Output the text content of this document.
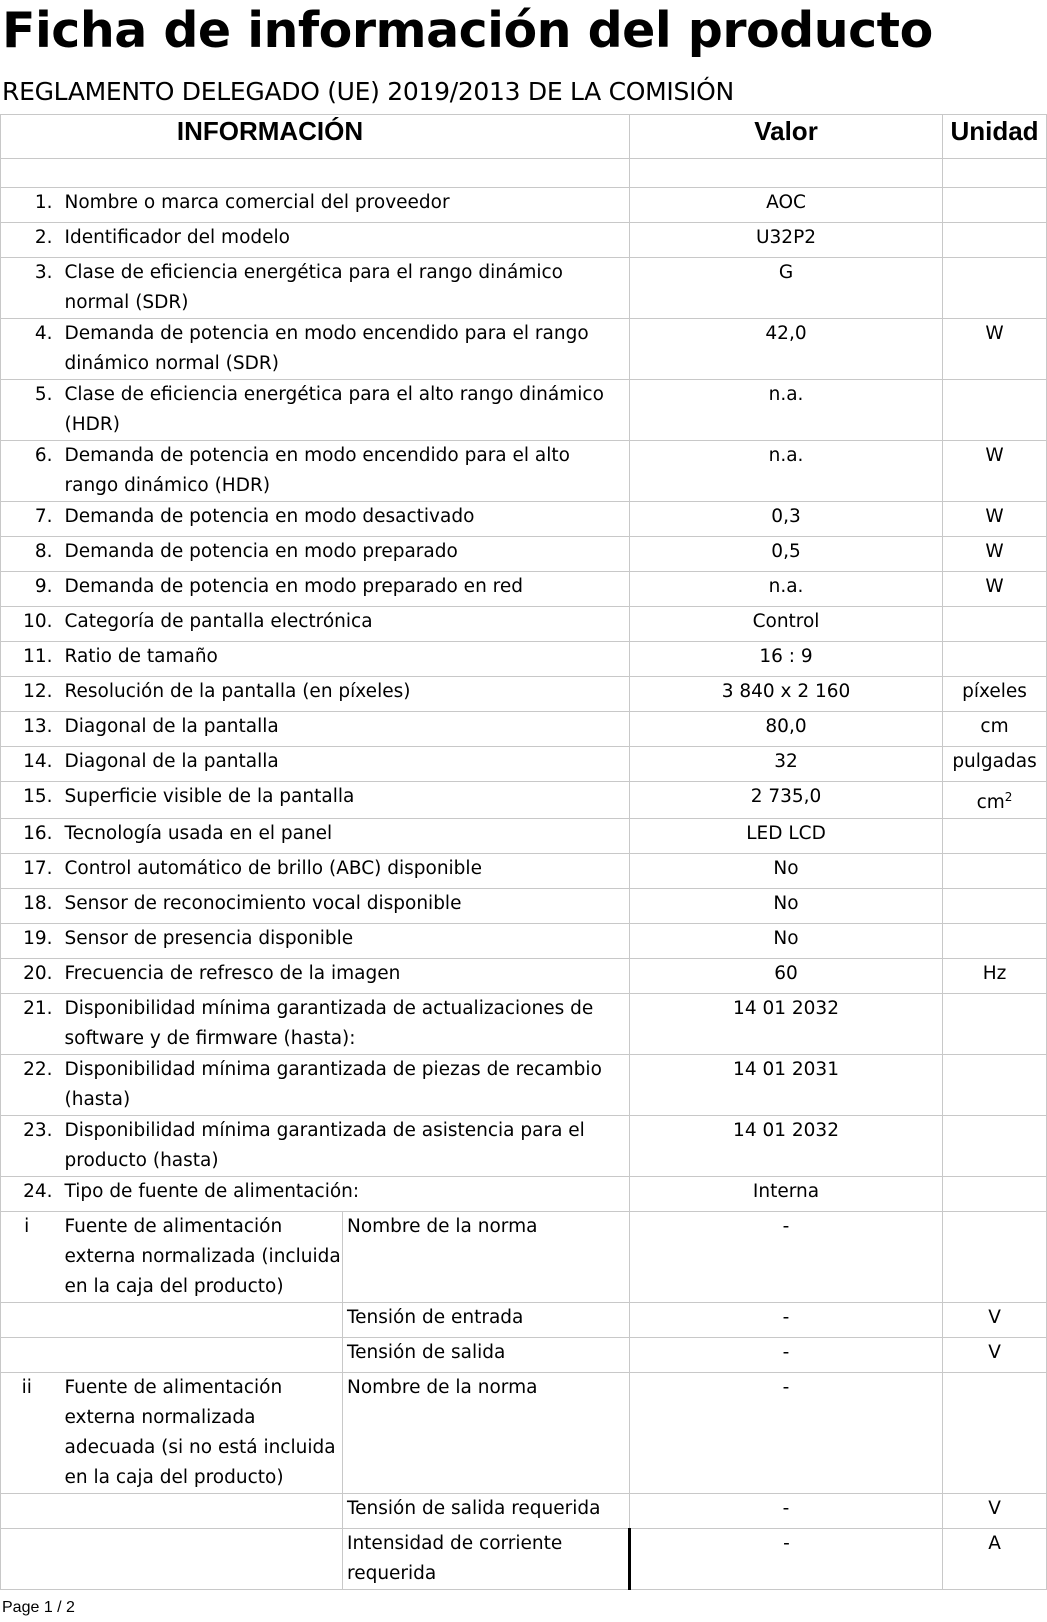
Ficha de información del producto
REGLAMENTO DELEGADO (UE) 2019/2013 DE LA COMISIÓN
INFORMACIÓN			Valor	Unidad

1.	Nombre o marca comercial del proveedor		AOC	
2.	Identificador del modelo		U32P2	
3.	Clase de eficiencia energética para el rango dinámico normal (SDR)		G	
4.	Demanda de potencia en modo encendido para el rango dinámico normal (SDR)		42,0	W
5.	Clase de eficiencia energética para el alto rango dinámico (HDR)		n.a.	
6.	Demanda de potencia en modo encendido para el alto rango dinámico (HDR)		n.a.	W
7.	Demanda de potencia en modo desactivado		0,3	W
8.	Demanda de potencia en modo preparado		0,5	W
9.	Demanda de potencia en modo preparado en red		n.a.	W
10.	Categoría de pantalla electrónica		Control	
11.	Ratio de tamaño		16 : 9	
12.	Resolución de la pantalla (en píxeles)		3 840 x 2 160	píxeles
13.	Diagonal de la pantalla		80,0	cm
14.	Diagonal de la pantalla		32	pulgadas
15.	Superficie visible de la pantalla		2 735,0	$cm^2$
16.	Tecnología usada en el panel		LED LCD	
17.	Control automático de brillo (ABC) disponible		No	
18.	Sensor de reconocimiento vocal disponible		No	
19.	Sensor de presencia disponible		No	
20.	Frecuencia de refresco de la imagen		60	Hz
21.	Disponibilidad mínima garantizada de actualizaciones de software y de firmware (hasta):		14 01 2032	
22.	Disponibilidad mínima garantizada de piezas de recambio (hasta)		14 01 2031	
23.	Disponibilidad mínima garantizada de asistencia para el producto (hasta)		14 01 2032	
24.	Tipo de fuente de alimentación:		Interna	
i	Fuente de alimentación externa normalizada (incluida en la caja del producto)	Nombre de la norma	-	
		Tensión de entrada	-	V
		Tensión de salida	-	V
ii	Fuente de alimentación externa normalizada adecuada (si no está incluida en la caja del producto)	Nombre de la norma	-	
		Tensión de salida requerida	-	V
		Intensidad de corriente requerida	-	A
Page 1 / 2
